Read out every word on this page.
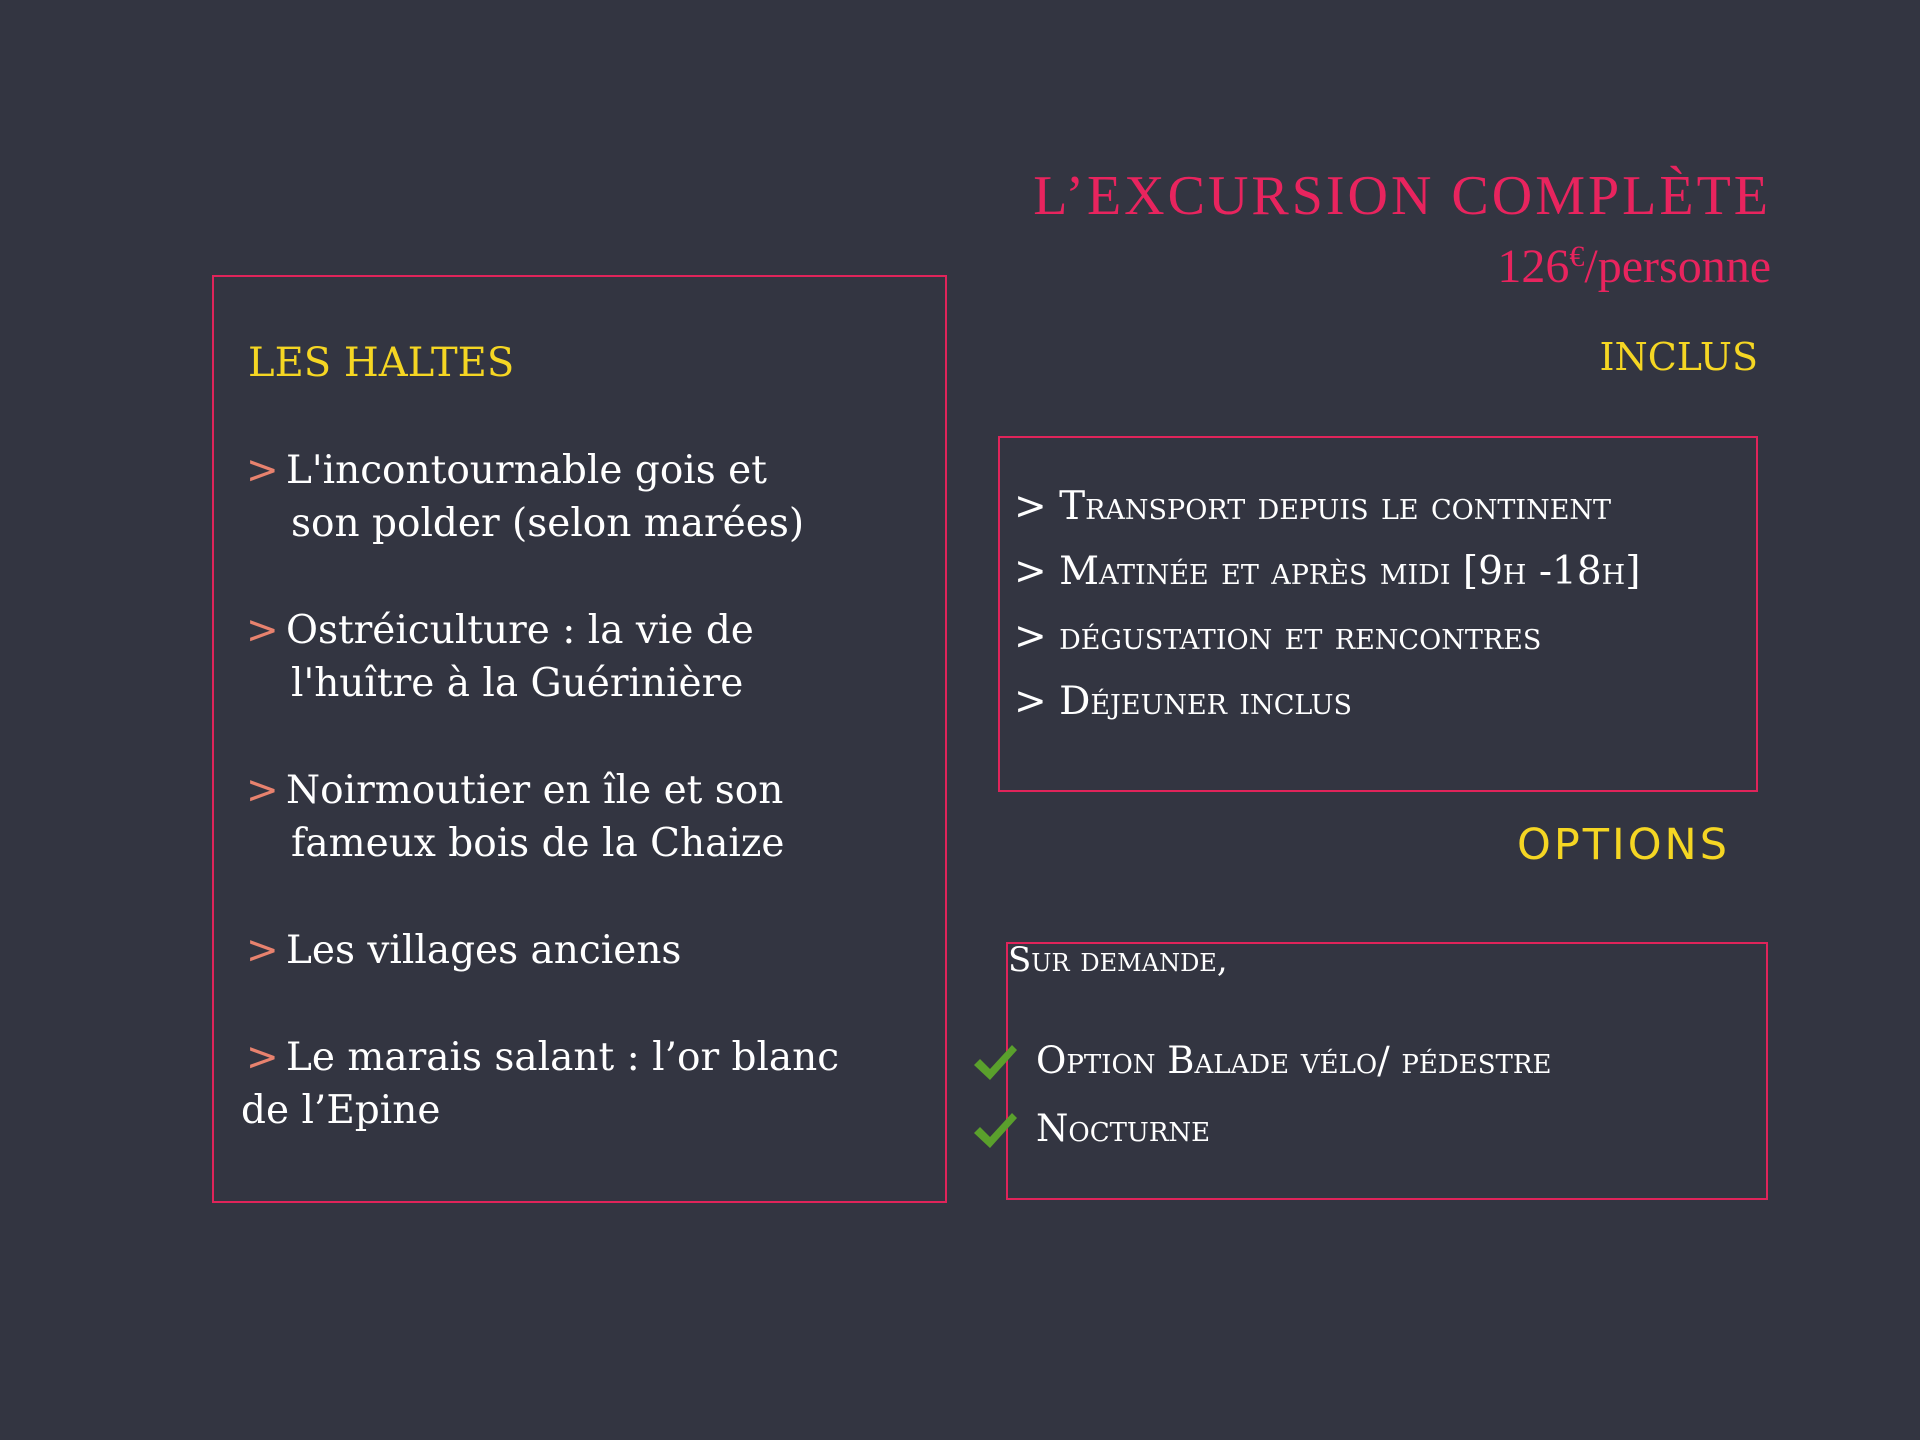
L’EXCURSION COMPLÈTE
126€/personne
LES HALTES
> L'incontournable gois et
son polder (selon marées)
> Ostréiculture : la vie de
l'huître à la Guérinière
> Noirmoutier en île et son
fameux bois de la Chaize
> Les villages anciens
> Le marais salant : l’or blanc
de l’Epine
INCLUS
> Transport depuis le continent
> Matinée et après midi [9h -18h]
> dégustation et rencontres
> Déjeuner inclus
OPTIONS
Sur demande,
Option Balade vélo/ pédestre
Nocturne
